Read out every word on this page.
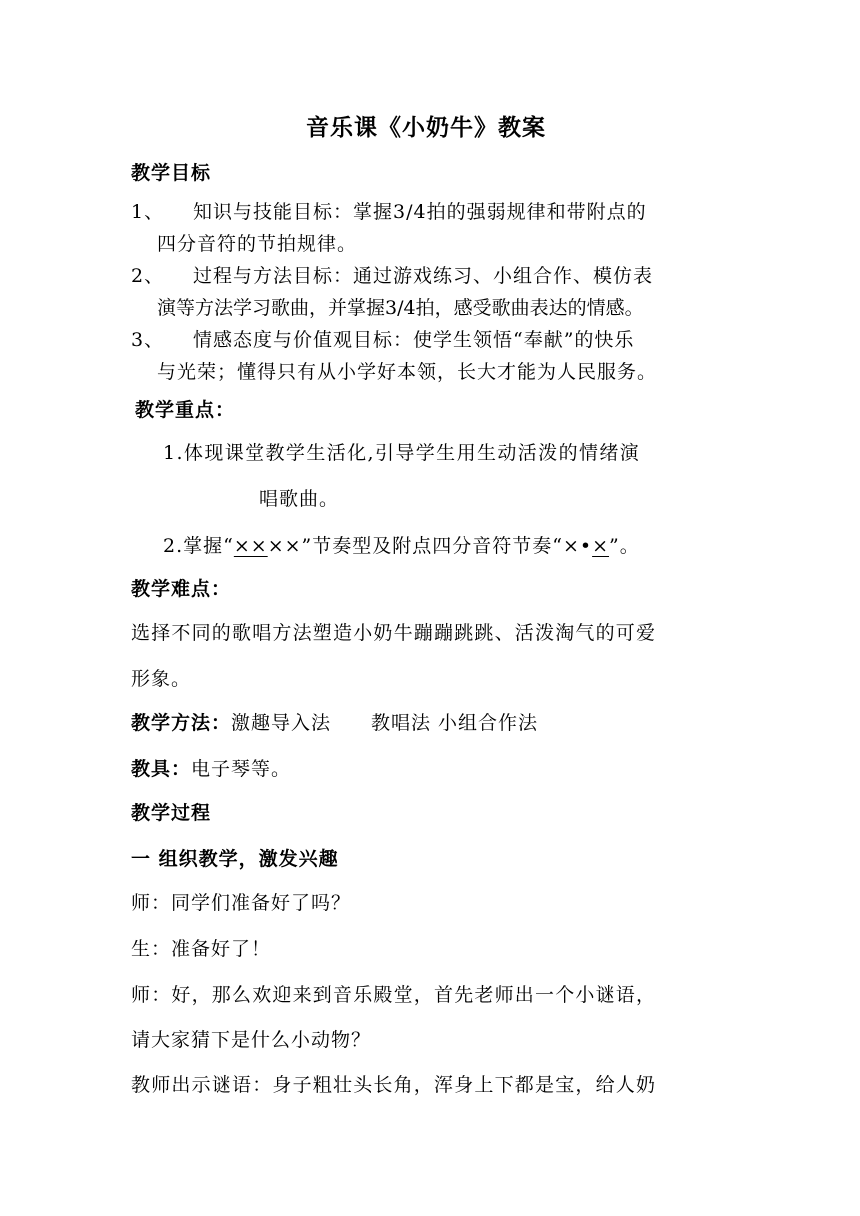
音乐课《小奶牛》教案
教学目标
1、 知识与技能目标：掌握3/4拍的强弱规律和带附点的
四分音符的节拍规律。
2、 过程与方法目标：通过游戏练习、小组合作、模仿表
演等方法学习歌曲，并掌握3/4拍，感受歌曲表达的情感。
3、 情感态度与价值观目标：使学生领悟“奉献”的快乐
与光荣；懂得只有从小学好本领，长大才能为人民服务。
教学重点：
1.体现课堂教学生活化,引导学生用生动活泼的情绪演
唱歌曲。
2.掌握“××××”节奏型及附点四分音符节奏“×•×”。
教学难点：
选择不同的歌唱方法塑造小奶牛蹦蹦跳跳、活泼淘气的可爱
形象。
教学方法：激趣导入法　　教唱法 小组合作法
教具：电子琴等。
教学过程
一 组织教学，激发兴趣
师：同学们准备好了吗？
生：准备好了！
师：好，那么欢迎来到音乐殿堂，首先老师出一个小谜语，
请大家猜下是什么小动物？
教师出示谜语：身子粗壮头长角，浑身上下都是宝，给人奶
